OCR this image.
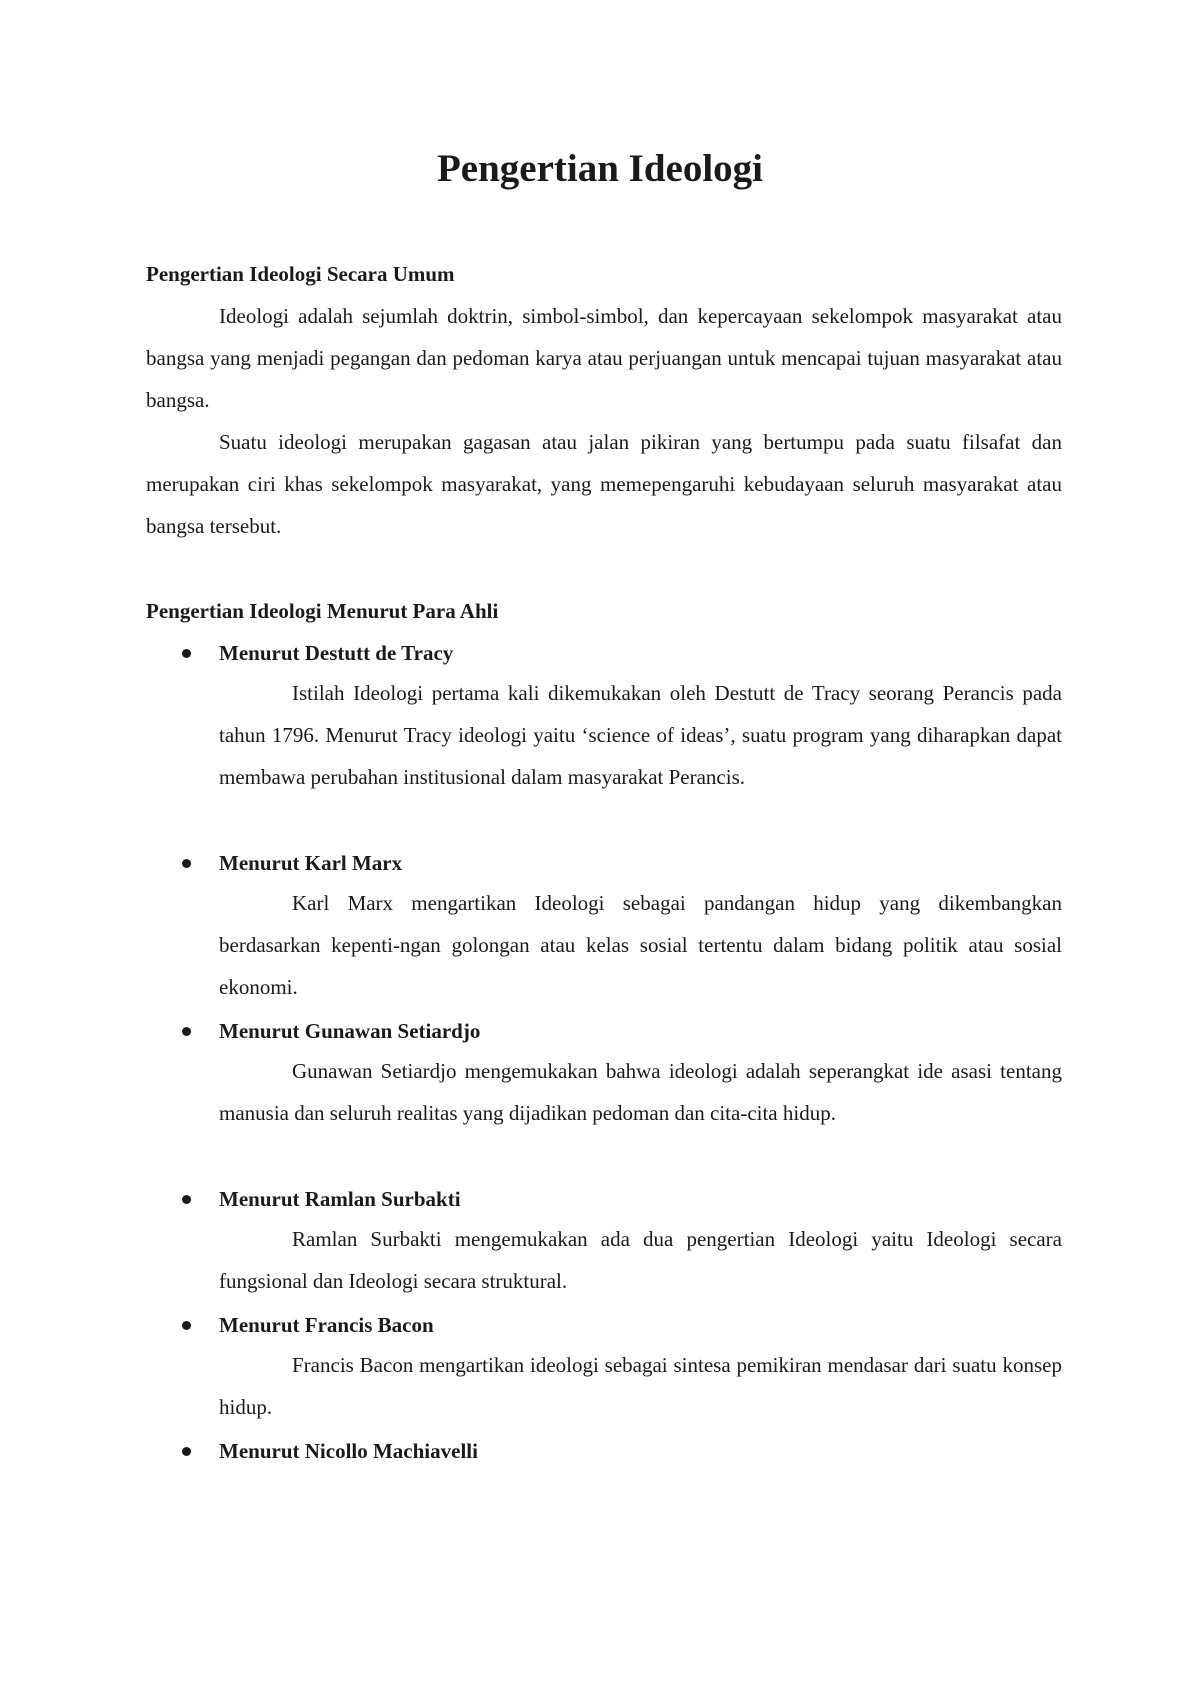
Pengertian Ideologi
Pengertian Ideologi Secara Umum

Ideologi adalah sejumlah doktrin, simbol-simbol, dan kepercayaan sekelompok masyarakat atau bangsa yang menjadi pegangan dan pedoman karya atau perjuangan untuk mencapai tujuan masyarakat atau bangsa.

Suatu ideologi merupakan gagasan atau jalan pikiran yang bertumpu pada suatu filsafat dan merupakan ciri khas sekelompok masyarakat, yang memepengaruhi kebudayaan seluruh masyarakat atau bangsa tersebut.

Pengertian Ideologi Menurut Para Ahli
Menurut Destutt de Tracy

Istilah Ideologi pertama kali dikemukakan oleh Destutt de Tracy seorang Perancis pada tahun 1796. Menurut Tracy ideologi yaitu ‘science of ideas’, suatu program yang diharapkan dapat membawa perubahan institusional dalam masyarakat Perancis.

Menurut Karl Marx

Karl Marx mengartikan Ideologi sebagai pandangan hidup yang dikembangkan berdasarkan kepenti-ngan golongan atau kelas sosial tertentu dalam bidang politik atau sosial ekonomi.

Menurut Gunawan Setiardjo

Gunawan Setiardjo mengemukakan bahwa ideologi adalah seperangkat ide asasi tentang manusia dan seluruh realitas yang dijadikan pedoman dan cita-cita hidup.

Menurut Ramlan Surbakti

Ramlan Surbakti mengemukakan ada dua pengertian Ideologi yaitu Ideologi secara fungsional dan Ideologi secara struktural.

Menurut Francis Bacon

Francis Bacon mengartikan ideologi sebagai sintesa pemikiran mendasar dari suatu konsep hidup.

Menurut Nicollo Machiavelli
